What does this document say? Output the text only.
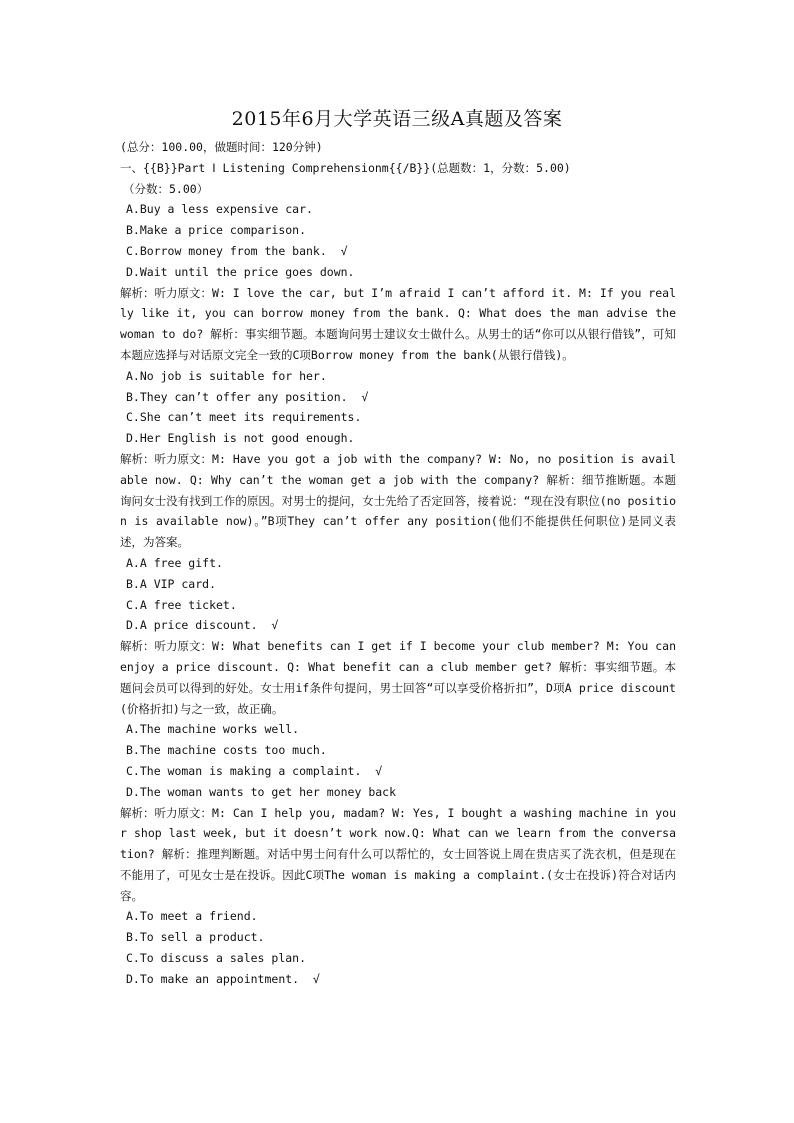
2015年6月大学英语三级A真题及答案
(总分：100.00，做题时间：120分钟)
一、{{B}}Part Ⅰ Listening Comprehensionm{{/B}}(总题数：1，分数：5.00)
（分数：5.00）
A.Buy a less expensive car.
B.Make a price comparison.
C.Borrow money from the bank.  √
D.Wait until the price goes down.
解析：听力原文：W: I love the car, but I’m afraid I can’t afford it. M: If you really like it, you can borrow money from the bank. Q: What does the man advise the woman to do? 解析：事实细节题。本题询问男士建议女士做什么。从男士的话“你可以从银行借钱”，可知本题应选择与对话原文完全一致的C项Borrow money from the bank(从银行借钱)。
A.No job is suitable for her.
B.They can’t offer any position.  √
C.She can’t meet its requirements.
D.Her English is not good enough.
解析：听力原文：M: Have you got a job with the company? W: No, no position is available now. Q: Why can’t the woman get a job with the company? 解析：细节推断题。本题询问女士没有找到工作的原因。对男士的提问，女士先给了否定回答，接着说：“现在没有职位(no position is available now)。”B项They can’t offer any position(他们不能提供任何职位)是同义表述，为答案。
A.A free gift.
B.A VIP card.
C.A free ticket.
D.A price discount.  √
解析：听力原文：W: What benefits can I get if I become your club member? M: You can enjoy a price discount. Q: What benefit can a club member get? 解析：事实细节题。本题问会员可以得到的好处。女士用if条件句提问，男士回答“可以享受价格折扣”，D项A price discount(价格折扣)与之一致，故正确。
A.The machine works well.
B.The machine costs too much.
C.The woman is making a complaint.  √
D.The woman wants to get her money back
解析：听力原文：M: Can I help you, madam? W: Yes, I bought a washing machine in your shop last week, but it doesn’t work now.Q: What can we learn from the conversation? 解析：推理判断题。对话中男士问有什么可以帮忙的，女士回答说上周在贵店买了洗衣机，但是现在不能用了，可见女士是在投诉。因此C项The woman is making a complaint.(女士在投诉)符合对话内容。
A.To meet a friend.
B.To sell a product.
C.To discuss a sales plan.
D.To make an appointment.  √
